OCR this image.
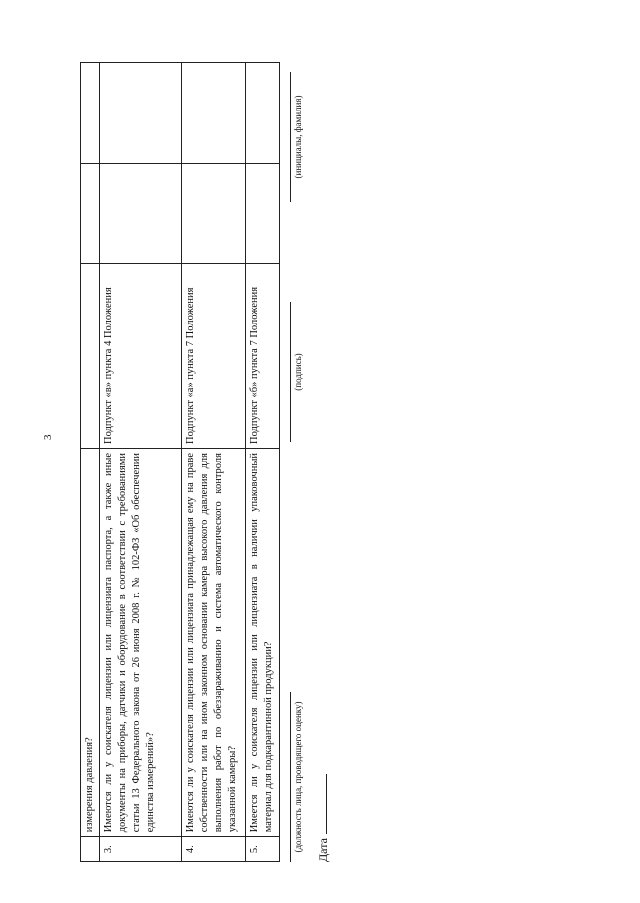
3
	измерения давления?			
3.	Имеются ли у соискателя лицензии или лицензиата паспорта, а также иные документы на приборы, датчики и оборудование в соответствии с требованиями статьи 13 Федерального закона от 26 июня 2008 г. № 102-ФЗ «Об обеспечении единства измерений»?	Подпункт «в» пункта 4 Положения		
4.	Имеются ли у соискателя лицензии или лицензиата принадлежащая ему на праве собственности или на ином законном основании камера высокого давления для выполнения работ по обеззараживанию и система автоматического контроля указанной камеры?	Подпункт «а» пункта 7 Положения		
5.	Имеется ли у соискателя лицензии или лицензиата в наличии упаковочный материал для подкарантинной продукции?	Подпункт «б» пункта 7 Положения		
(должность лица, проводящего оценку)
(подпись)
(инициалы, фамилия)
Дата
